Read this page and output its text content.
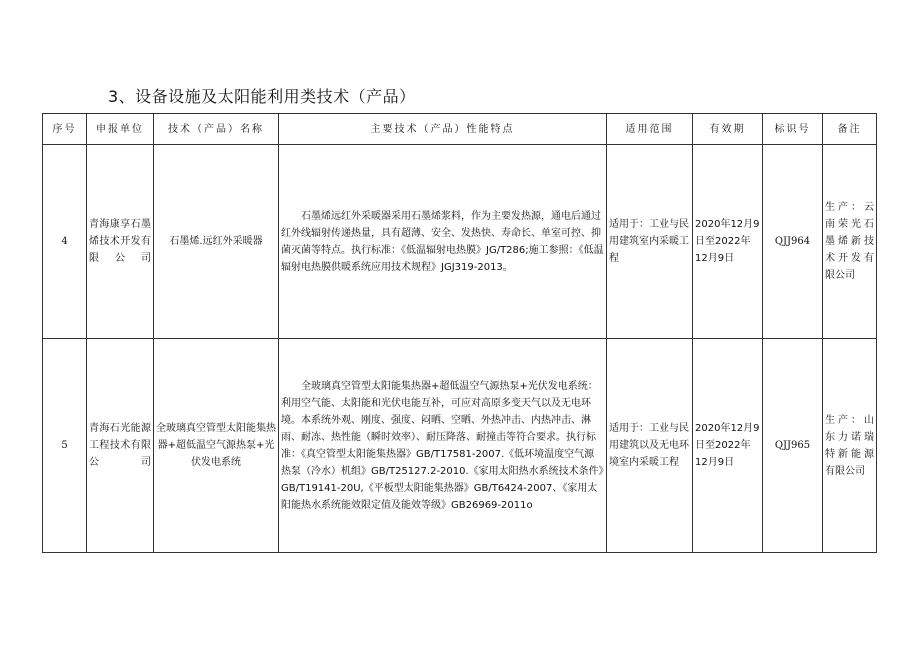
3、设备设施及太阳能利用类技术（产品）
序号	申报单位	技术（产品）名称	主要技术（产品）性能特点	适用范围	有效期	标识号	备注
4	青海康享石墨烯技术开发有限公司	石墨烯.远红外采暖器	石墨烯远红外采暖器采用石墨烯浆料，作为主要发热源，通电后通过红外线辐射传递热量，具有超薄、安全、发热快、寿命长、单室可控、抑菌灭菌等特点。执行标准：《低温辐射电热膜》JG/T286;施工参照：《低温辐射电热膜供暖系统应用技术规程》JGJ319-2013。	适用于：工业与民用建筑室内采暖工程	2020年12月9日至2022年12月9日	QJJ964	生产：云南荣光石墨烯新技术开发有限公司
5	青海石光能源工程技术有限公司	全玻璃真空管型太阳能集热器+超低温空气源热泵+光伏发电系统	全玻璃真空管型太阳能集热器+超低温空气源热泵+光伏发电系统：利用空气能、太阳能和光伏电能互补，可应对高原多变天气以及无电环境。本系统外观、刚度、强度、闷晒、空晒、外热冲击、内热冲击、淋雨、耐冻、热性能（瞬时效率）、耐压降落、耐撞击等符合要求。执行标准：《真空管型太阳能集热器》GB/T17581-2007.《低环境温度空气源热泵（冷水）机组》GB/T25127.2-2010.《家用太阳热水系统技术条件》GB/T19141-20U,《平板型太阳能集热器》GB/T6424-2007、《家用太阳能热水系统能效限定值及能效等级》GB26969-2011o	适用于：工业与民用建筑以及无电环境室内采暖工程	2020年12月9日至2022年12月9日	QJJ965	生产：山东力诺瑞特新能源有限公司
